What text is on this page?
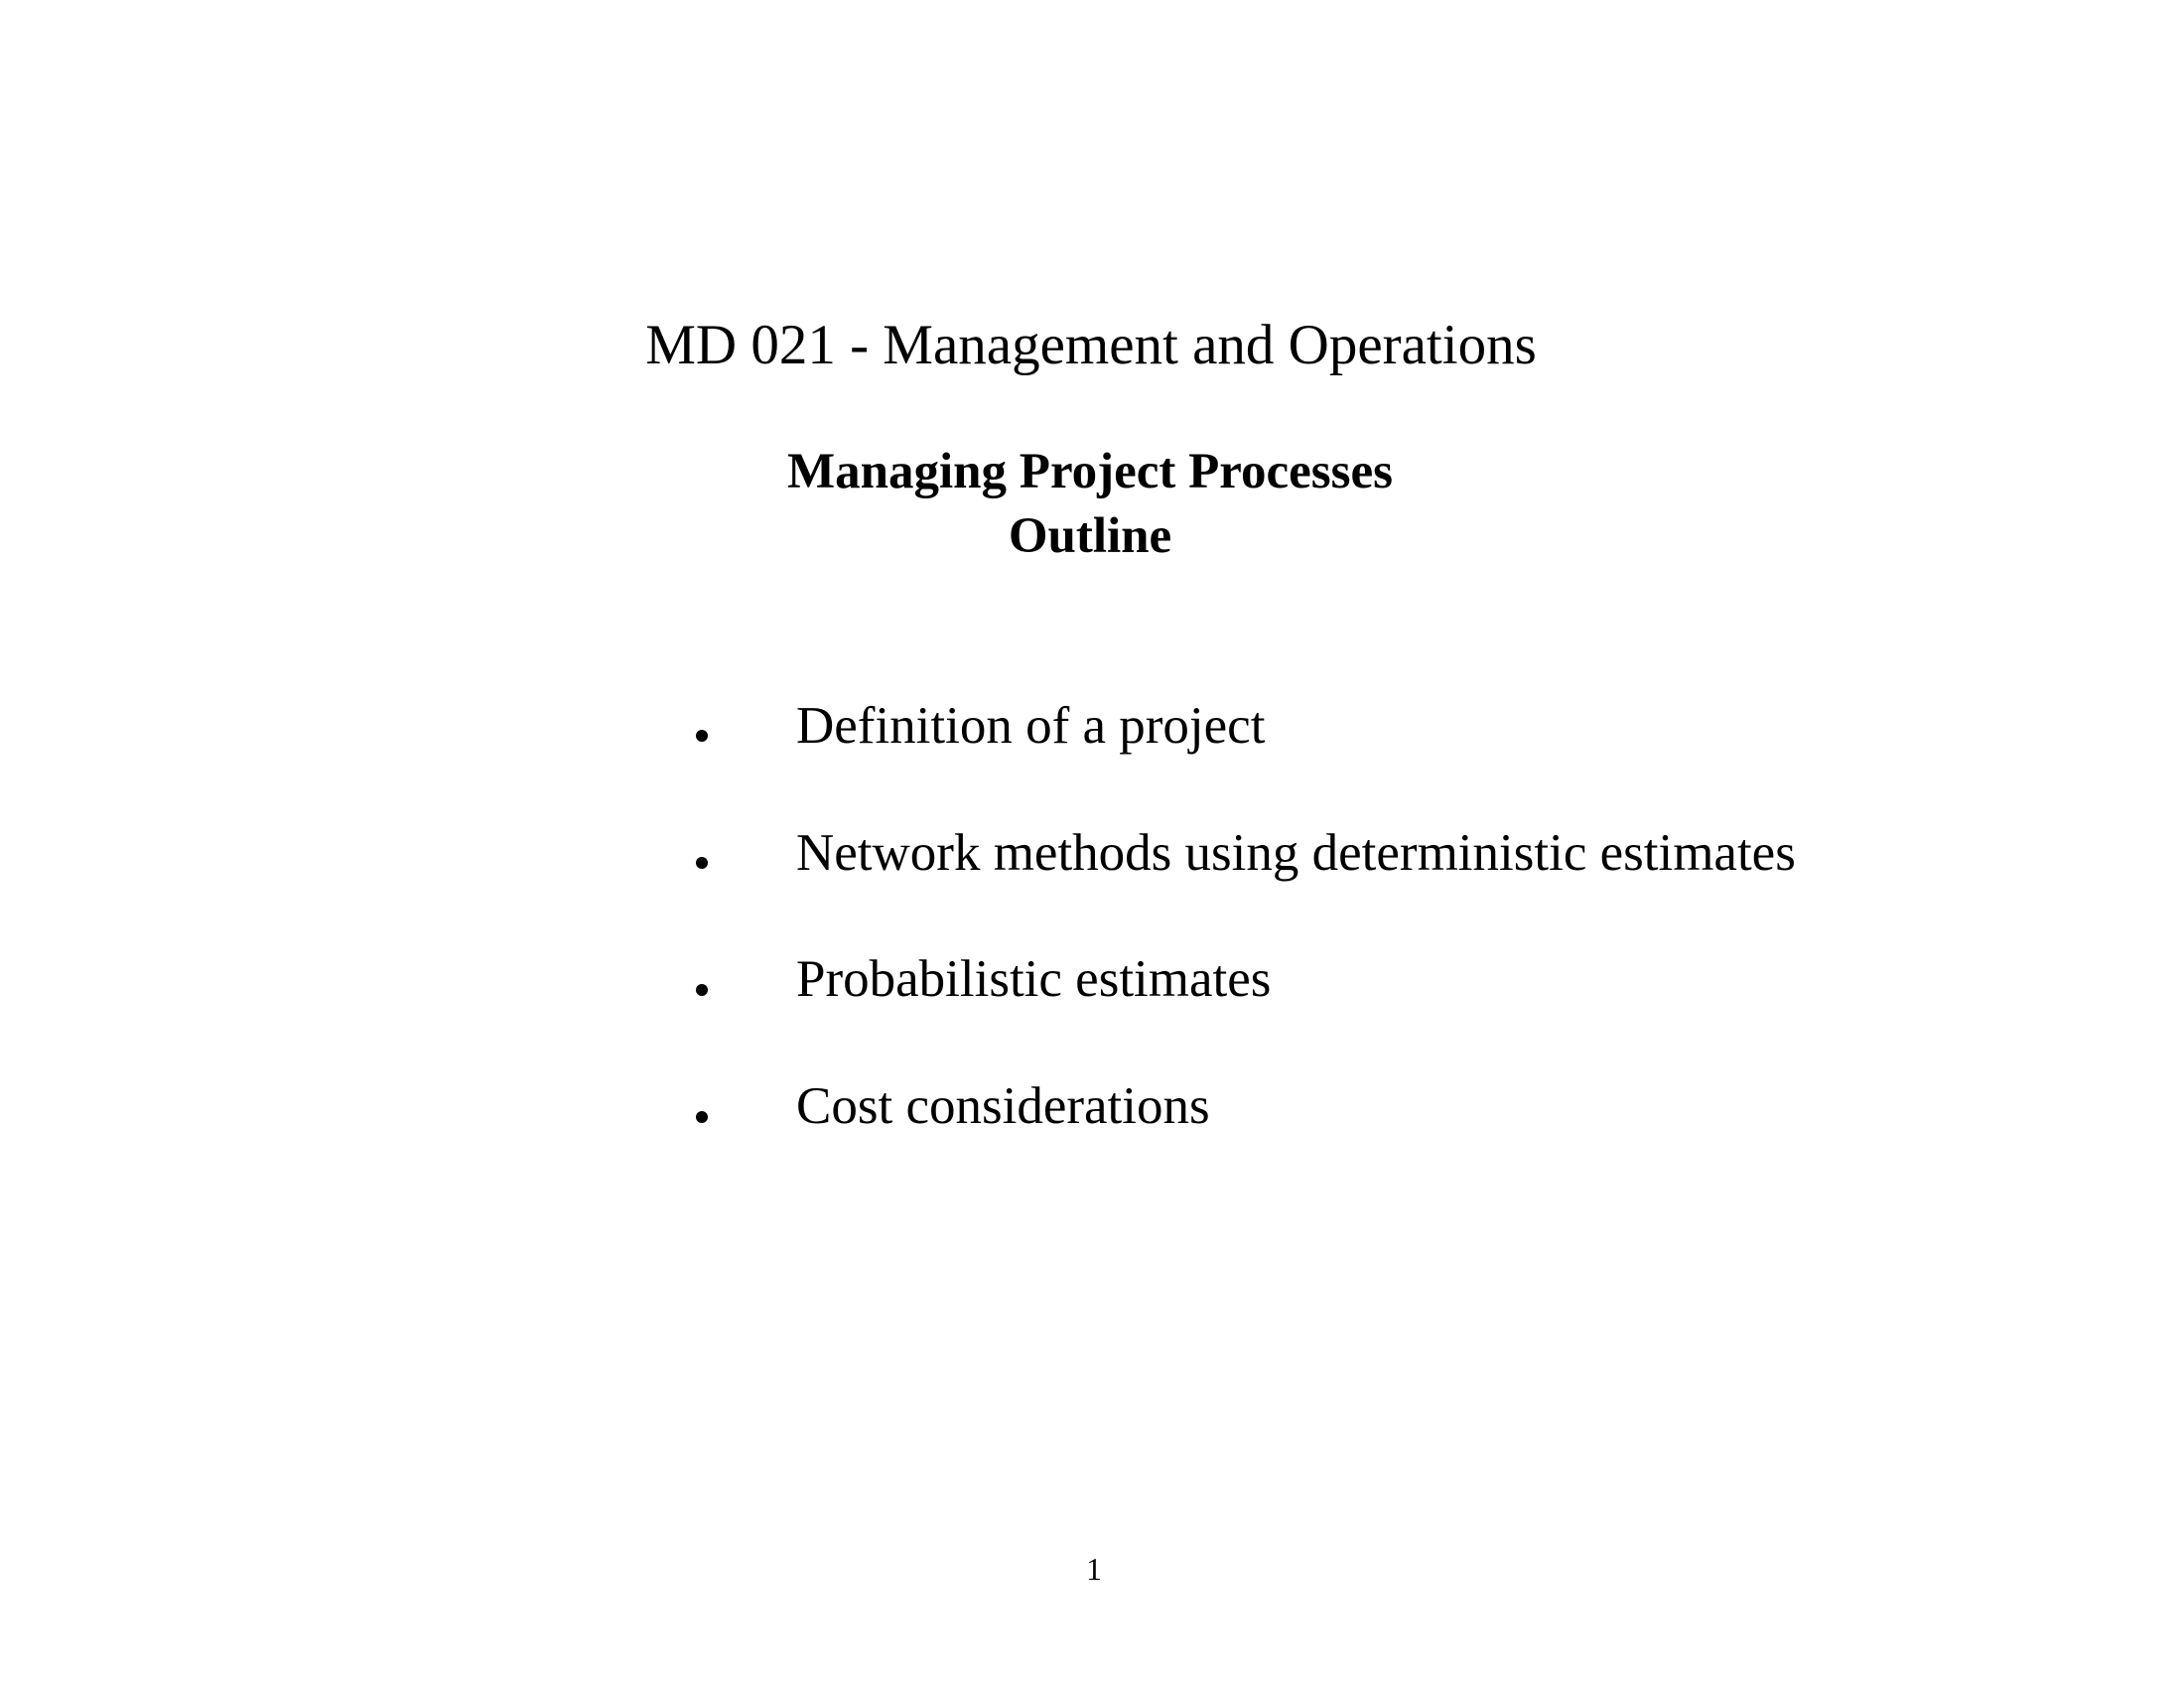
MD 021 - Management and Operations
Managing Project Processes
Outline
Definition of a project
Network methods using deterministic estimates
Probabilistic estimates
Cost considerations
1
